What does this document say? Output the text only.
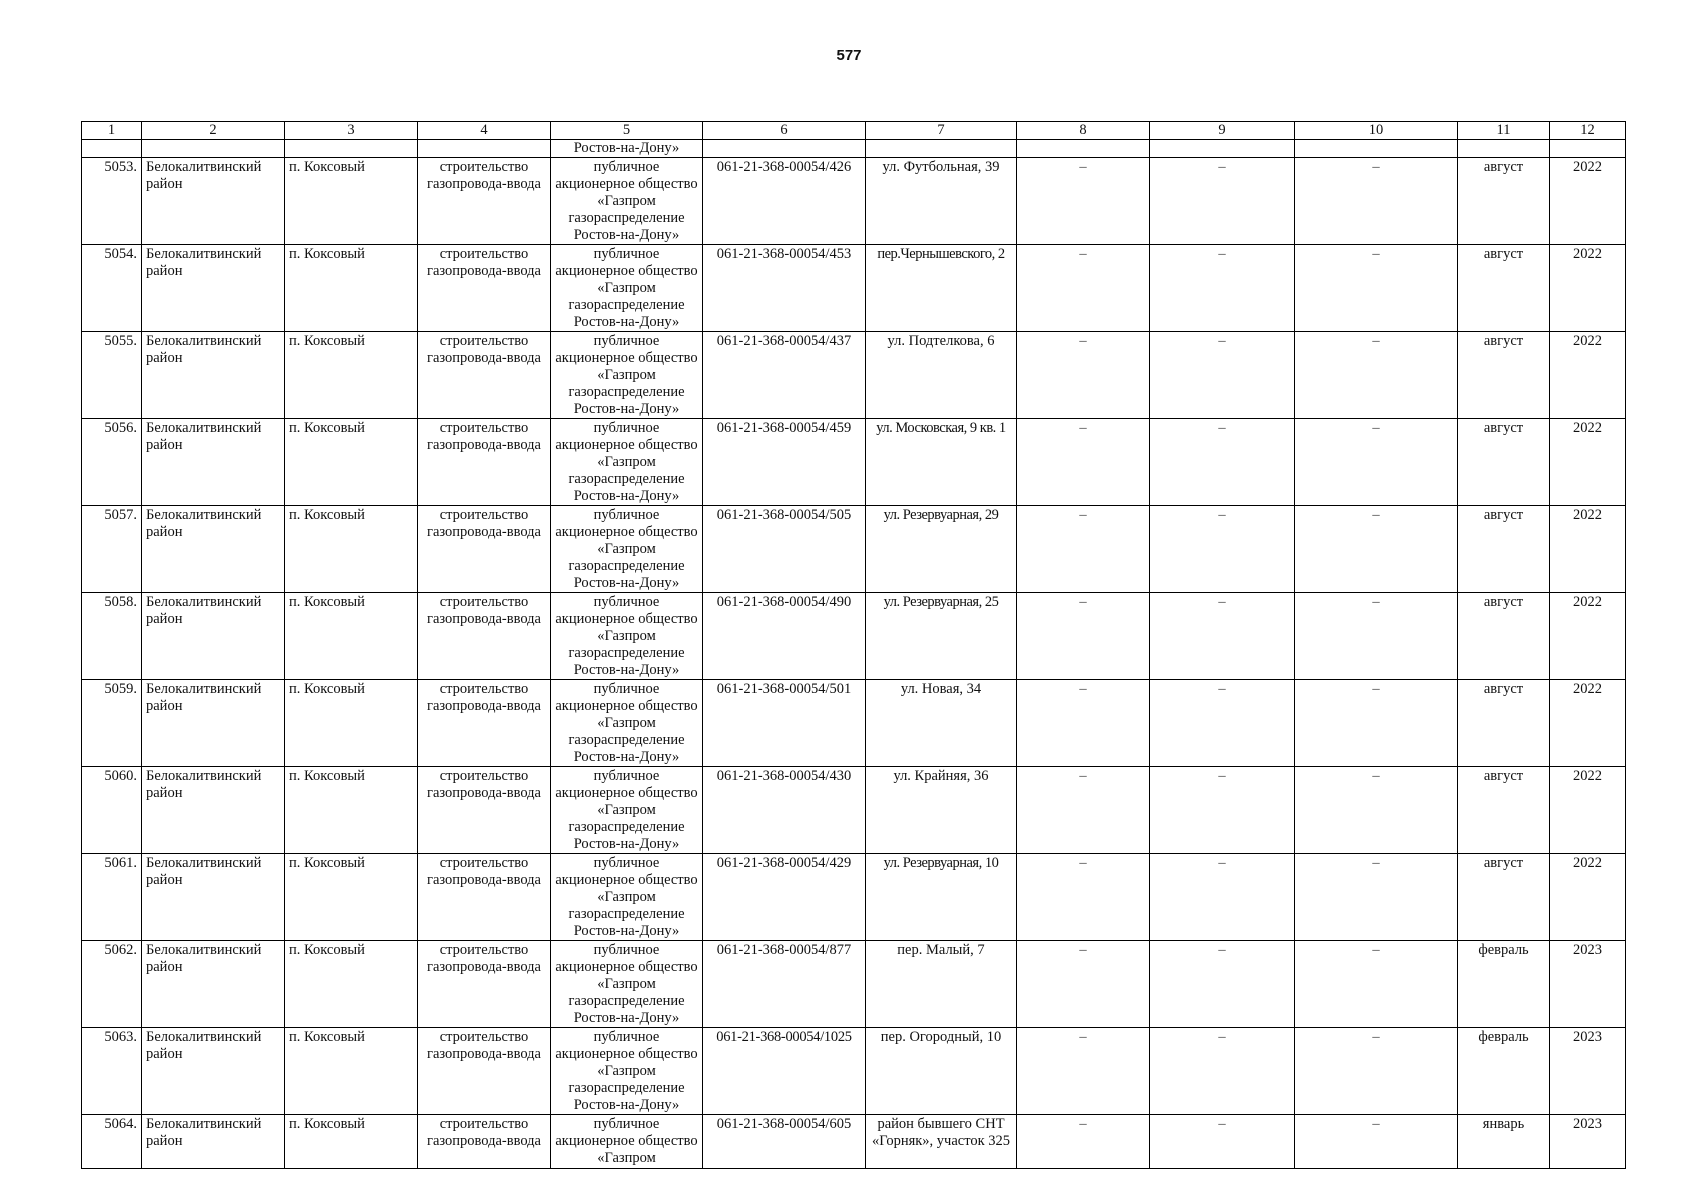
577
1	2	3	4	5	6	7	8	9	10	11	12
				Ростов-на-Дону»							
5053.	Белокалитвинский район	п. Коксовый	строительство газопровода-ввода	публичное акционерное общество «Газпром газораспределение Ростов-на-Дону»	061-21-368-00054/426	ул. Футбольная, 39	–	–	–	август	2022
5054.	Белокалитвинский район	п. Коксовый	строительство газопровода-ввода	публичное акционерное общество «Газпром газораспределение Ростов-на-Дону»	061-21-368-00054/453	пер.Чернышевского, 2	–	–	–	август	2022
5055.	Белокалитвинский район	п. Коксовый	строительство газопровода-ввода	публичное акционерное общество «Газпром газораспределение Ростов-на-Дону»	061-21-368-00054/437	ул. Подтелкова, 6	–	–	–	август	2022
5056.	Белокалитвинский район	п. Коксовый	строительство газопровода-ввода	публичное акционерное общество «Газпром газораспределение Ростов-на-Дону»	061-21-368-00054/459	ул. Московская, 9 кв. 1	–	–	–	август	2022
5057.	Белокалитвинский район	п. Коксовый	строительство газопровода-ввода	публичное акционерное общество «Газпром газораспределение Ростов-на-Дону»	061-21-368-00054/505	ул. Резервуарная, 29	–	–	–	август	2022
5058.	Белокалитвинский район	п. Коксовый	строительство газопровода-ввода	публичное акционерное общество «Газпром газораспределение Ростов-на-Дону»	061-21-368-00054/490	ул. Резервуарная, 25	–	–	–	август	2022
5059.	Белокалитвинский район	п. Коксовый	строительство газопровода-ввода	публичное акционерное общество «Газпром газораспределение Ростов-на-Дону»	061-21-368-00054/501	ул. Новая, 34	–	–	–	август	2022
5060.	Белокалитвинский район	п. Коксовый	строительство газопровода-ввода	публичное акционерное общество «Газпром газораспределение Ростов-на-Дону»	061-21-368-00054/430	ул. Крайняя, 36	–	–	–	август	2022
5061.	Белокалитвинский район	п. Коксовый	строительство газопровода-ввода	публичное акционерное общество «Газпром газораспределение Ростов-на-Дону»	061-21-368-00054/429	ул. Резервуарная, 10	–	–	–	август	2022
5062.	Белокалитвинский район	п. Коксовый	строительство газопровода-ввода	публичное акционерное общество «Газпром газораспределение Ростов-на-Дону»	061-21-368-00054/877	пер. Малый, 7	–	–	–	февраль	2023
5063.	Белокалитвинский район	п. Коксовый	строительство газопровода-ввода	публичное акционерное общество «Газпром газораспределение Ростов-на-Дону»	061-21-368-00054/1025	пер. Огородный, 10	–	–	–	февраль	2023
5064.	Белокалитвинский район	п. Коксовый	строительство газопровода-ввода	публичное акционерное общество «Газпром	061-21-368-00054/605	район бывшего СНТ «Горняк», участок 325	–	–	–	январь	2023
